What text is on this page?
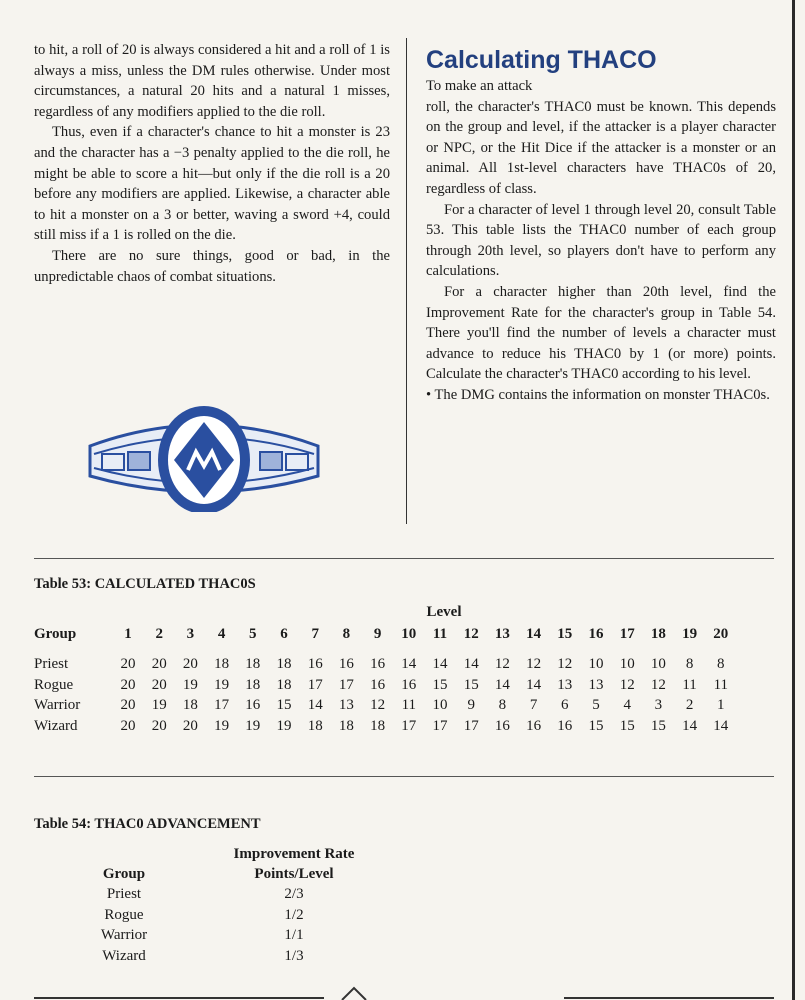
to hit, a roll of 20 is always considered a hit and a roll of 1 is always a miss, unless the DM rules otherwise. Under most circumstances, a natural 20 hits and a natural 1 misses, regardless of any modifiers applied to the die roll.

Thus, even if a character's chance to hit a monster is 23 and the character has a −3 penalty applied to the die roll, he might be able to score a hit—but only if the die roll is a 20 before any modifiers are applied. Likewise, a character able to hit a monster on a 3 or better, waving a sword +4, could still miss if a 1 is rolled on the die.

There are no sure things, good or bad, in the unpredictable chaos of combat situations.

Calculating THACO

To make an attack

roll, the character's THAC0 must be known. This depends on the group and level, if the attacker is a player character or NPC, or the Hit Dice if the attacker is a monster or an animal. All 1st-level characters have THAC0s of 20, regardless of class.

For a character of level 1 through level 20, consult Table 53. This table lists the THAC0 number of each group through 20th level, so players don't have to perform any calculations.

For a character higher than 20th level, find the Improvement Rate for the character's group in Table 54. There you'll find the number of levels a character must advance to reduce his THAC0 by 1 (or more) points. Calculate the character's THAC0 according to his level.

• The DMG contains the information on monster THAC0s.

Table 53: CALCULATED THAC0S
Level
Group	1	2	3	4	5	6	7	8	9	10	11	12	13	14	15	16	17	18	19	20
Priest	20	20	20	18	18	18	16	16	16	14	14	14	12	12	12	10	10	10	8	8
Rogue	20	20	19	19	18	18	17	17	16	16	15	15	14	14	13	13	12	12	11	11
Warrior	20	19	18	17	16	15	14	13	12	11	10	9	8	7	6	5	4	3	2	1
Wizard	20	20	20	19	19	19	18	18	18	17	17	17	16	16	16	15	15	15	14	14
Table 54: THAC0 ADVANCEMENT
Improvement Rate
Group	Points/Level
Priest	2/3
Rogue	1/2
Warrior	1/1
Wizard	1/3
